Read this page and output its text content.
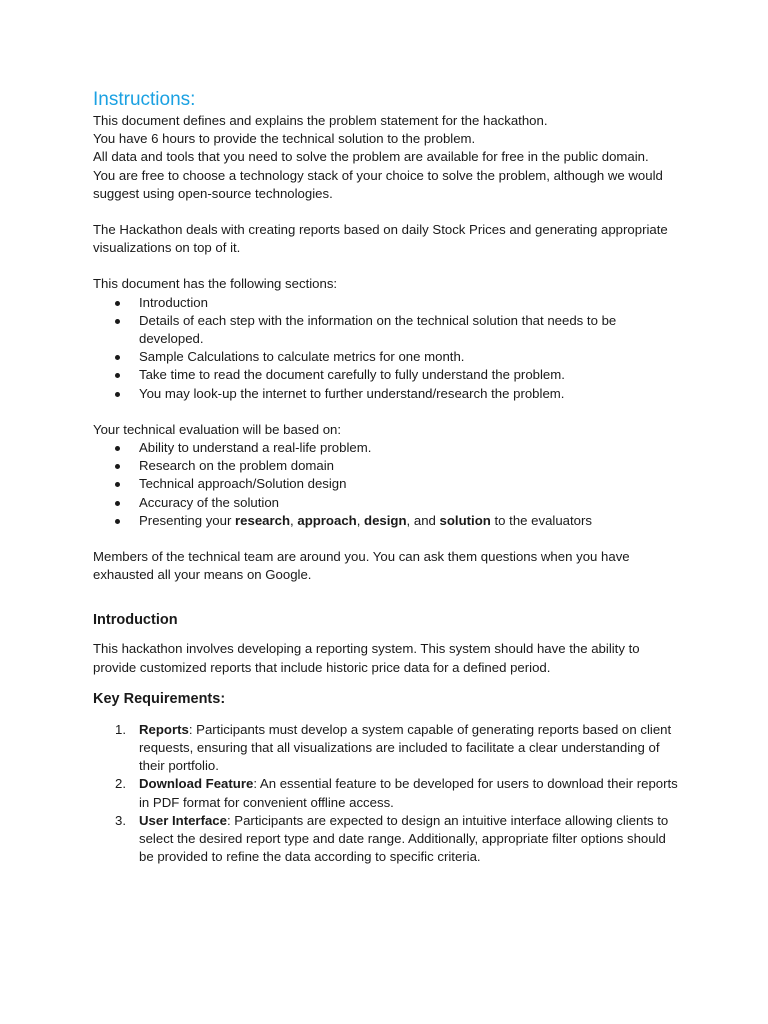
Instructions:

This document defines and explains the problem statement for the hackathon.

You have 6 hours to provide the technical solution to the problem.

All data and tools that you need to solve the problem are available for free in the public domain.

You are free to choose a technology stack of your choice to solve the problem, although we would suggest using open-source technologies.

The Hackathon deals with creating reports based on daily Stock Prices and generating appropriate visualizations on top of it.

This document has the following sections:

Introduction
Details of each step with the information on the technical solution that needs to be developed.
Sample Calculations to calculate metrics for one month.
Take time to read the document carefully to fully understand the problem.
You may look-up the internet to further understand/research the problem.

Your technical evaluation will be based on:

Ability to understand a real-life problem.
Research on the problem domain
Technical approach/Solution design
Accuracy of the solution
Presenting your research, approach, design, and solution to the evaluators

Members of the technical team are around you. You can ask them questions when you have exhausted all your means on Google.

Introduction

This hackathon involves developing a reporting system. This system should have the ability to provide customized reports that include historic price data for a defined period.

Key Requirements:

1. Reports: Participants must develop a system capable of generating reports based on client requests, ensuring that all visualizations are included to facilitate a clear understanding of their portfolio.
2. Download Feature: An essential feature to be developed for users to download their reports in PDF format for convenient offline access.
3. User Interface: Participants are expected to design an intuitive interface allowing clients to select the desired report type and date range. Additionally, appropriate filter options should be provided to refine the data according to specific criteria.
